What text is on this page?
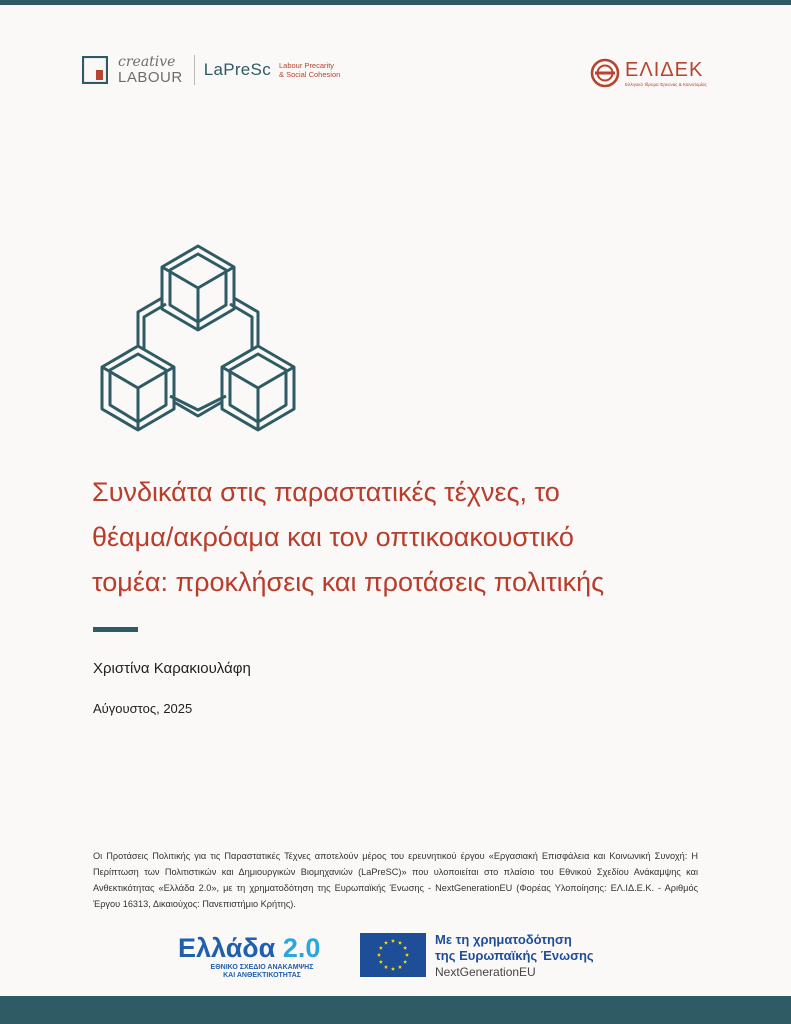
creative
LABOUR LaPreSc Labour Precarity
& Social Cohesion	ΕΛΙΔΕΚ
Ελληνικό Ίδρυμα Έρευνας & Καινοτομίας
Συνδικάτα στις παραστατικές τέχνες, το
θέαμα/ακρόαμα και τον οπτικοακουστικό
τομέα: προκλήσεις και προτάσεις πολιτικής
Χριστίνα Καρακιουλάφη
Αύγουστος, 2025

Οι Προτάσεις Πολιτικής για τις Παραστατικές Τέχνες αποτελούν μέρος του ερευνητικού έργου «Εργασιακή Επισφάλεια και Κοινωνική Συνοχή: Η Περίπτωση των Πολιτιστικών και Δημιουργικών Βιομηχανιών (LaPreSC)» που υλοποιείται στο πλαίσιο του Εθνικού Σχεδίου Ανάκαμψης και Ανθεκτικότητας «Ελλάδα 2.0», με τη χρηματοδότηση της Ευρωπαϊκής Ένωσης - NextGenerationEU (Φορέας Υλοποίησης: ΕΛ.ΙΔ.Ε.Κ. - Αριθμός Έργου 16313, Δικαιούχος: Πανεπιστήμιο Κρήτης).

Ελλάδα 2.0
ΕΘΝΙΚΟ ΣΧΕΔΙΟ ΑΝΑΚΑΜΨΗΣ
ΚΑΙ ΑΝΘΕΚΤΙΚΟΤΗΤΑΣ
Με τη χρηματοδότηση
της Ευρωπαϊκής Ένωσης
NextGenerationEU
